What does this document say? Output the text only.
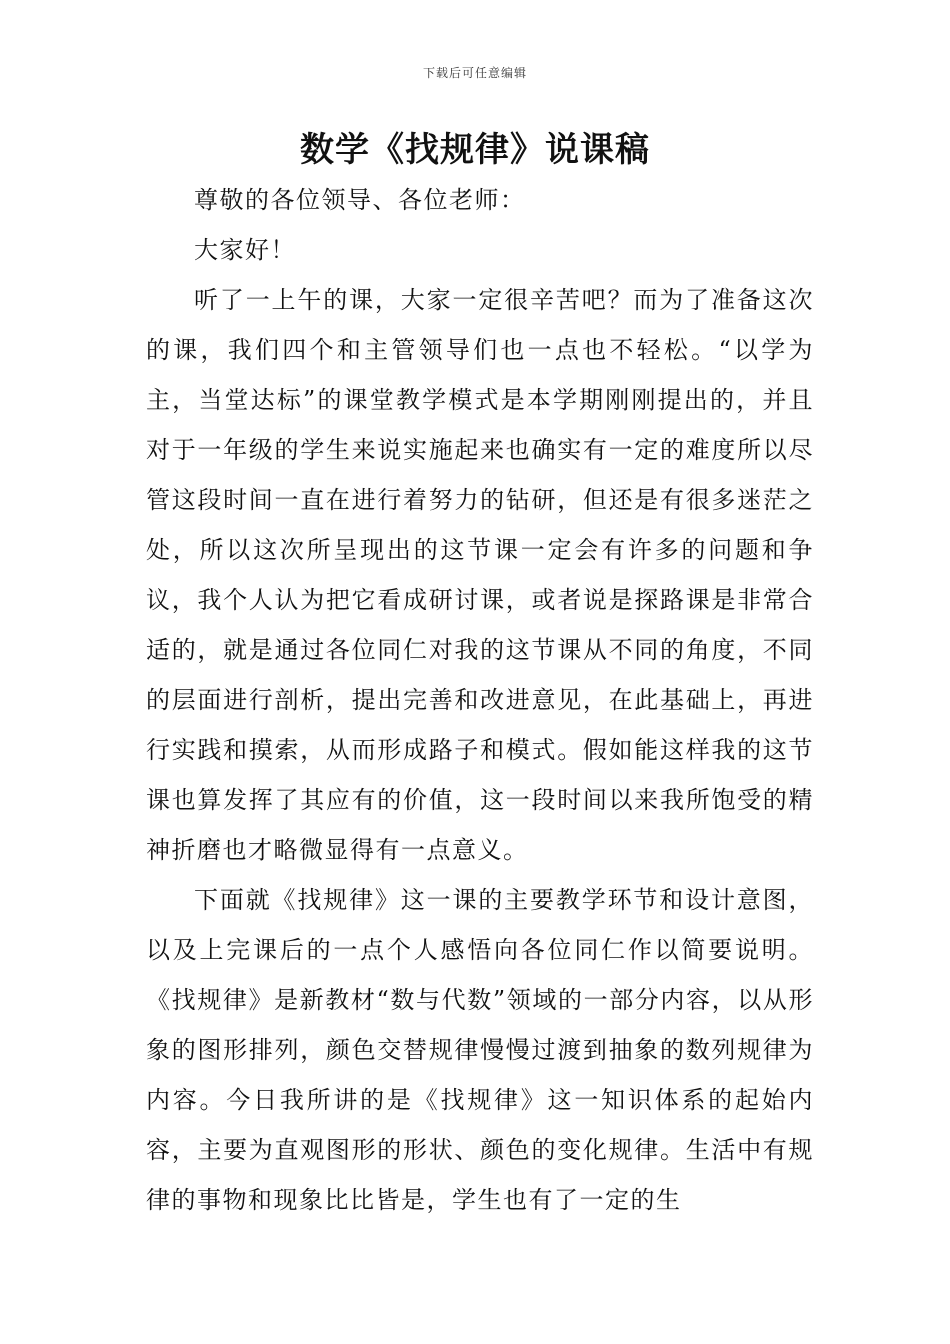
下载后可任意编辑
数学《找规律》说课稿

尊敬的各位领导、各位老师：

大家好！

听了一上午的课，大家一定很辛苦吧？而为了准备这次的课，我们四个和主管领导们也一点也不轻松。“以学为主，当堂达标”的课堂教学模式是本学期刚刚提出的，并且对于一年级的学生来说实施起来也确实有一定的难度所以尽管这段时间一直在进行着努力的钻研，但还是有很多迷茫之处，所以这次所呈现出的这节课一定会有许多的问题和争议，我个人认为把它看成研讨课，或者说是探路课是非常合适的，就是通过各位同仁对我的这节课从不同的角度，不同的层面进行剖析，提出完善和改进意见，在此基础上，再进行实践和摸索，从而形成路子和模式。假如能这样我的这节课也算发挥了其应有的价值，这一段时间以来我所饱受的精神折磨也才略微显得有一点意义。

下面就《找规律》这一课的主要教学环节和设计意图，以及上完课后的一点个人感悟向各位同仁作以简要说明。《找规律》是新教材“数与代数”领域的一部分内容，以从形象的图形排列，颜色交替规律慢慢过渡到抽象的数列规律为内容。今日我所讲的是《找规律》这一知识体系的起始内容，主要为直观图形的形状、颜色的变化规律。生活中有规律的事物和现象比比皆是，学生也有了一定的生
